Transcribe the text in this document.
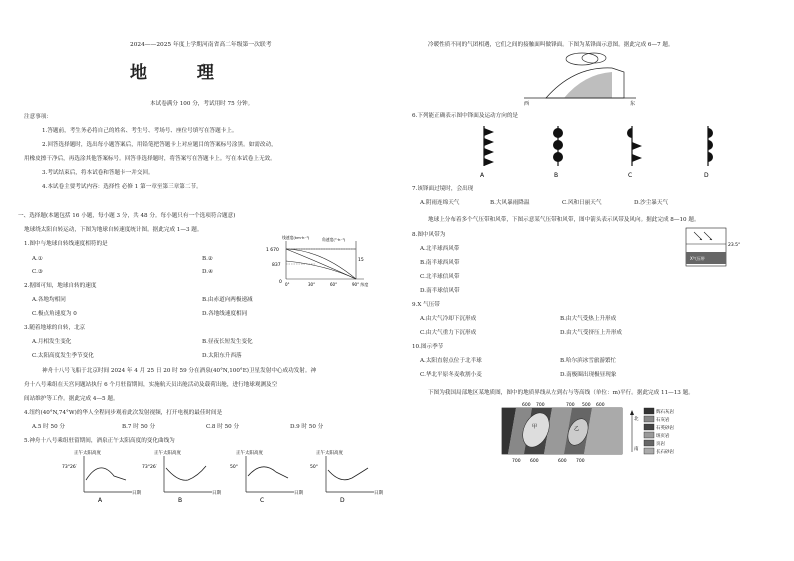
2024——2025 年度上学期河南省高二年级第一次联考
地 理
本试卷满分 100 分，考试用时 75 分钟。
注意事项：
1.答题前，考生务必将自己的姓名、考生号、考场号、座位号填写在答题卡上。
2.回答选择题时，选出每小题答案后，用铅笔把答题卡上对应题目的答案标号涂黑。如需改动，
用橡皮擦干净后，再选涂其他答案标号。回答非选择题时，将答案写在答题卡上。写在本试卷上无效。
3.考试结束后，将本试卷和答题卡一并交回。
4.本试卷主要考试内容：选择性 必修 1 第一章至第三章第二节。
一、选择题(本题包括 16 小题，每小题 3 分，共 48 分。每小题只有一个选项符合题意)
地球绕太阳自转运动，下图为地球自转速度统计图。据此完成 1—3 题。
1 670
837
0 0°	30°	60°	90° 纬度
角速度(°·h⁻¹)
15
线速度(km·h⁻¹)
1.图中与地球自转线速度相符的是
A.①	B.②
C.③	D.④
2.据图可知，地球自转的速度
A.各地均相同	B.由赤道向两极递减
C.极点角速度为 0	D.各地线速度相同
3.随着地球的自转，北京
A.月相发生变化	B.昼夜长短发生变化
C.太阳高度发生季节变化	D.太阳东升西落
神舟十八号飞船于北京时间 2024 年 4 月 25 日 20 时 59 分在酒泉(40°N,100°E)卫星发射中心成功发射。神
舟十八号乘组在天宫问题站执行 6 个月驻留期间，实施航天员出舱活动及载荷出舱，进行地球观测及空
间站维护等工作。据此完成 4—5 题。
4.纽约(40°N,74°W)的华人全程同步观看此次发射视频，打开电视的最佳时间是
A.5 时 50 分	B.7 时 50 分	C.8 时 50 分	D.9 时 50 分
5.神舟十八号乘组驻留期间，酒泉正午太阳高度的变化曲线为
正午太阳高度
73°26′
日期
A
正午太阳高度
73°26′
日期
B
正午太阳高度
50°
日期
C
正午太阳高度
50°
日期
D
冷暖性质不同的气团相遇，它们之间的接触面叫做锋面。下图为某锋面示意图。据此完成 6—7 题。
西	东
6.下列能正确表示图中锋面及运动方向的是
A	B	C	D
7.该锋面过境时，会出现
A.阴雨连绵天气	B.大风暴雨降温	C.风和日丽天气	D.沙尘暴天气
地球上分布着多个气压带和风带，下图示意某气压带和风带，图中箭头表示风带及风向。据此完成 8—10 题。
23.5°
X气压带
8.图中风带为
A.北半球西风带
B.南半球西风带
C.北半球信风带
D.南半球信风带
9.X 气压带
A.由大气冷却下沉形成	B.由大气受热上升形成
C.由大气重力下沉形成	D.由大气受挤压上升形成
10.图示季节
A.太阳直射点位于北半球	B.哈尔滨冰雪旅游繁忙
C.华北平原冬麦收割小麦	D.南极圈出现极昼现象
下图为我国局部地区某地质图，图中的地质界线从左到右与等高线（单位：m)平行。据此完成 11—13 题。
600 700	700 500 600
700 600	600 700
甲	乙
北
南
辉石灰岩
石灰岩
石英砂岩
斑页岩
页岩
长石砂岩
